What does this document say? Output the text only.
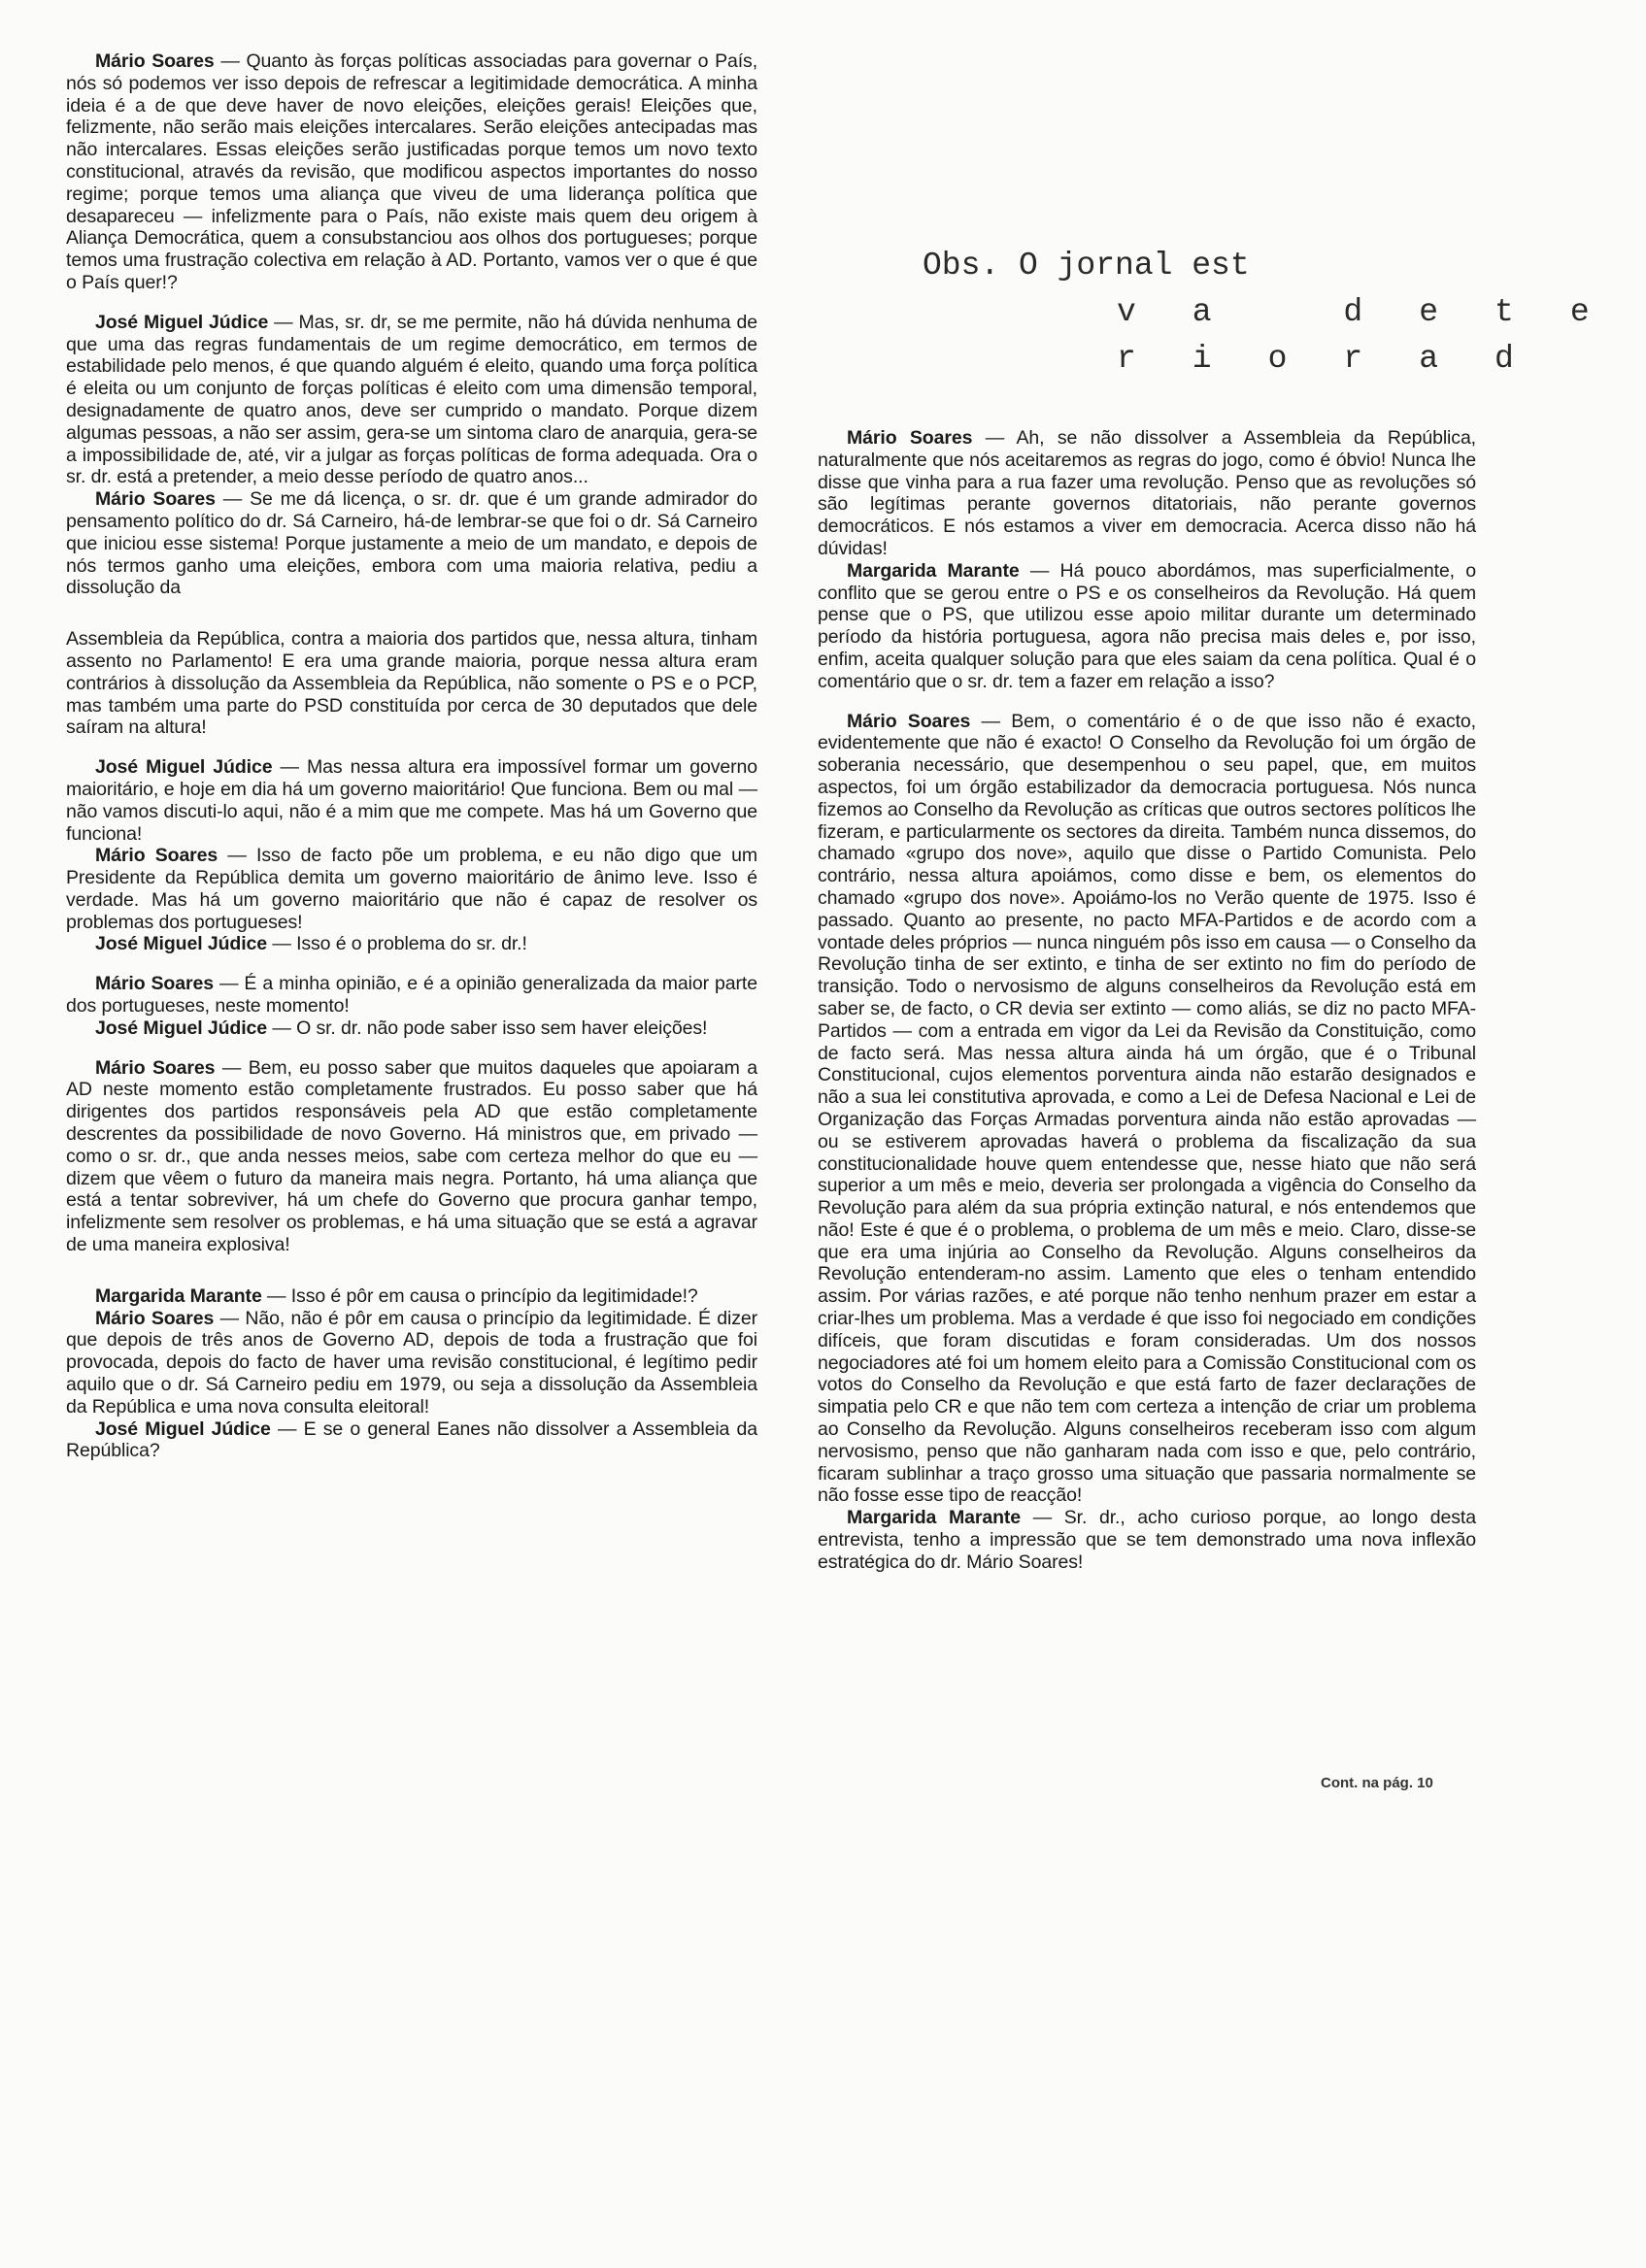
Mário Soares — Quanto às forças políticas associadas para governar o País, nós só podemos ver isso depois de refrescar a legitimidade democrática. A minha ideia é a de que deve haver de novo eleições, eleições gerais! Eleições que, felizmente, não serão mais eleições intercalares. Serão eleições antecipadas mas não intercalares. Essas eleições serão justificadas porque temos um novo texto constitucional, através da revisão, que modificou aspectos importantes do nosso regime; porque temos uma aliança que viveu de uma liderança política que desapareceu — infelizmente para o País, não existe mais quem deu origem à Aliança Democrática, quem a consubstanciou aos olhos dos portugueses; porque temos uma frustração colectiva em relação à AD. Portanto, vamos ver o que é que o País quer!?

José Miguel Júdice — Mas, sr. dr, se me permite, não há dúvida nenhuma de que uma das regras fundamentais de um regime democrático, em termos de estabilidade pelo menos, é que quando alguém é eleito, quando uma força política é eleita ou um conjunto de forças políticas é eleito com uma dimensão temporal, designadamente de quatro anos, deve ser cumprido o mandato. Porque dizem algumas pessoas, a não ser assim, gera-se um sintoma claro de anarquia, gera-se a impossibilidade de, até, vir a julgar as forças políticas de forma adequada. Ora o sr. dr. está a pretender, a meio desse período de quatro anos...

Mário Soares — Se me dá licença, o sr. dr. que é um grande admirador do pensamento político do dr. Sá Carneiro, há-de lembrar-se que foi o dr. Sá Carneiro que iniciou esse sistema! Porque justamente a meio de um mandato, e depois de nós termos ganho uma eleições, embora com uma maioria relativa, pediu a dissolução da

Assembleia da República, contra a maioria dos partidos que, nessa altura, tinham assento no Parlamento! E era uma grande maioria, porque nessa altura eram contrários à dissolução da Assembleia da República, não somente o PS e o PCP, mas também uma parte do PSD constituída por cerca de 30 deputados que dele saíram na altura!

José Miguel Júdice — Mas nessa altura era impossível formar um governo maioritário, e hoje em dia há um governo maioritário! Que funciona. Bem ou mal — não vamos discuti-lo aqui, não é a mim que me compete. Mas há um Governo que funciona!

Mário Soares — Isso de facto põe um problema, e eu não digo que um Presidente da República demita um governo maioritário de ânimo leve. Isso é verdade. Mas há um governo maioritário que não é capaz de resolver os problemas dos portugueses!

José Miguel Júdice — Isso é o problema do sr. dr.!

Mário Soares — É a minha opinião, e é a opinião generalizada da maior parte dos portugueses, neste momento!

José Miguel Júdice — O sr. dr. não pode saber isso sem haver eleições!

Mário Soares — Bem, eu posso saber que muitos daqueles que apoiaram a AD neste momento estão completamente frustrados. Eu posso saber que há dirigentes dos partidos responsáveis pela AD que estão completamente descrentes da possibilidade de novo Governo. Há ministros que, em privado — como o sr. dr., que anda nesses meios, sabe com certeza melhor do que eu — dizem que vêem o futuro da maneira mais negra. Portanto, há uma aliança que está a tentar sobreviver, há um chefe do Governo que procura ganhar tempo, infelizmente sem resolver os problemas, e há uma situação que se está a agravar de uma maneira explosiva!

Margarida Marante — Isso é pôr em causa o princípio da legitimidade!?

Mário Soares — Não, não é pôr em causa o princípio da legitimidade. É dizer que depois de três anos de Governo AD, depois de toda a frustração que foi provocada, depois do facto de haver uma revisão constitucional, é legítimo pedir aquilo que o dr. Sá Carneiro pediu em 1979, ou seja a dissolução da Assembleia da República e uma nova consulta eleitoral!

José Miguel Júdice — E se o general Eanes não dissolver a Assembleia da República?

Obs. O jornal est
va dete
riorad

Mário Soares — Ah, se não dissolver a Assembleia da República, naturalmente que nós aceitaremos as regras do jogo, como é óbvio! Nunca lhe disse que vinha para a rua fazer uma revolução. Penso que as revoluções só são legítimas perante governos ditatoriais, não perante governos democráticos. E nós estamos a viver em democracia. Acerca disso não há dúvidas!

Margarida Marante — Há pouco abordámos, mas superficialmente, o conflito que se gerou entre o PS e os conselheiros da Revolução. Há quem pense que o PS, que utilizou esse apoio militar durante um determinado período da história portuguesa, agora não precisa mais deles e, por isso, enfim, aceita qualquer solução para que eles saiam da cena política. Qual é o comentário que o sr. dr. tem a fazer em relação a isso?

Mário Soares — Bem, o comentário é o de que isso não é exacto, evidentemente que não é exacto! O Conselho da Revolução foi um órgão de soberania necessário, que desempenhou o seu papel, que, em muitos aspectos, foi um órgão estabilizador da democracia portuguesa. Nós nunca fizemos ao Conselho da Revolução as críticas que outros sectores políticos lhe fizeram, e particularmente os sectores da direita. Também nunca dissemos, do chamado «grupo dos nove», aquilo que disse o Partido Comunista. Pelo contrário, nessa altura apoiámos, como disse e bem, os elementos do chamado «grupo dos nove». Apoiámo-los no Verão quente de 1975. Isso é passado. Quanto ao presente, no pacto MFA-Partidos e de acordo com a vontade deles próprios — nunca ninguém pôs isso em causa — o Conselho da Revolução tinha de ser extinto, e tinha de ser extinto no fim do período de transição. Todo o nervosismo de alguns conselheiros da Revolução está em saber se, de facto, o CR devia ser extinto — como aliás, se diz no pacto MFA-Partidos — com a entrada em vigor da Lei da Revisão da Constituição, como de facto será. Mas nessa altura ainda há um órgão, que é o Tribunal Constitucional, cujos elementos porventura ainda não estarão designados e não a sua lei constitutiva aprovada, e como a Lei de Defesa Nacional e Lei de Organização das Forças Armadas porventura ainda não estão aprovadas — ou se estiverem aprovadas haverá o problema da fiscalização da sua constitucionalidade houve quem entendesse que, nesse hiato que não será superior a um mês e meio, deveria ser prolongada a vigência do Conselho da Revolução para além da sua própria extinção natural, e nós entendemos que não! Este é que é o problema, o problema de um mês e meio. Claro, disse-se que era uma injúria ao Conselho da Revolução. Alguns conselheiros da Revolução entenderam-no assim. Lamento que eles o tenham entendido assim. Por várias razões, e até porque não tenho nenhum prazer em estar a criar-lhes um problema. Mas a verdade é que isso foi negociado em condições difíceis, que foram discutidas e foram consideradas. Um dos nossos negociadores até foi um homem eleito para a Comissão Constitucional com os votos do Conselho da Revolução e que está farto de fazer declarações de simpatia pelo CR e que não tem com certeza a intenção de criar um problema ao Conselho da Revolução. Alguns conselheiros receberam isso com algum nervosismo, penso que não ganharam nada com isso e que, pelo contrário, ficaram sublinhar a traço grosso uma situação que passaria normalmente se não fosse esse tipo de reacção!

Margarida Marante — Sr. dr., acho curioso porque, ao longo desta entrevista, tenho a impressão que se tem demonstrado uma nova inflexão estratégica do dr. Mário Soares!

Cont. na pág. 10
